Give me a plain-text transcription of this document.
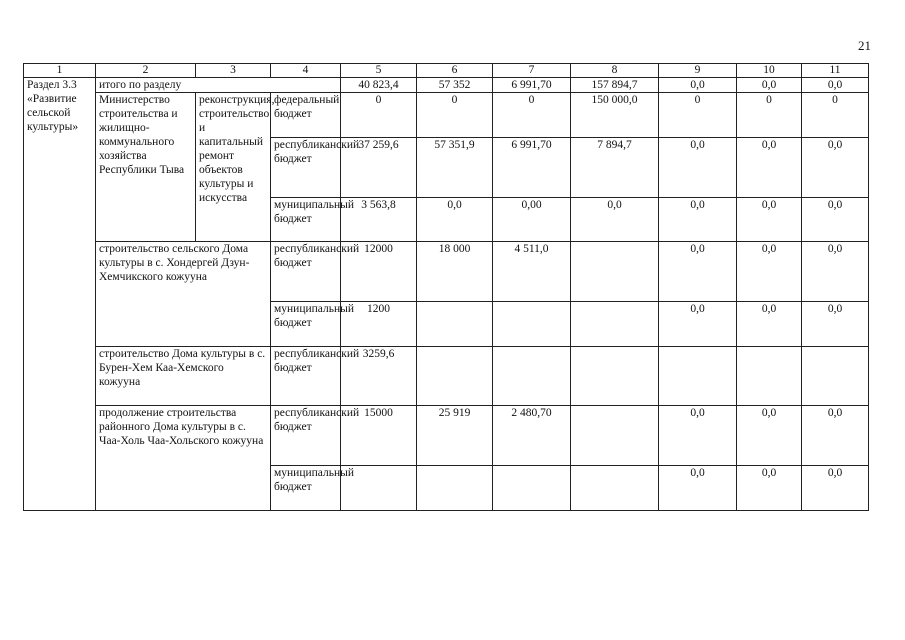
21
1	2	3	4	5	6	7	8	9	10	11
Раздел 3.3 «Развитие сельской культуры»	итого по разделу			40 823,4	57 352	6 991,70	157 894,7	0,0	0,0	0,0
	Министерство строительства и жилищно-коммунального хозяйства Республики Тыва	реконструкция, строительство и капитальный ремонт объектов культуры и искусства	федеральный бюджет	0	0	0	150 000,0	0	0	0
			республиканский бюджет	37 259,6	57 351,9	6 991,70	7 894,7	0,0	0,0	0,0
			муниципальный бюджет	3 563,8	0,0	0,00	0,0	0,0	0,0	0,0
	строительство сельского Дома культуры в с. Хондергей Дзун-Хемчикского кожууна		республиканский бюджет	12000	18 000	4 511,0		0,0	0,0	0,0
			муниципальный бюджет	1200				0,0	0,0	0,0
	строительство Дома культуры в с. Бурен-Хем Каа-Хемского кожууна		республиканский бюджет	3259,6						
	продолжение строительства районного Дома культуры в с. Чаа-Холь Чаа-Хольского кожууна		республиканский бюджет	15000	25 919	2 480,70		0,0	0,0	0,0
			муниципальный бюджет					0,0	0,0	0,0
